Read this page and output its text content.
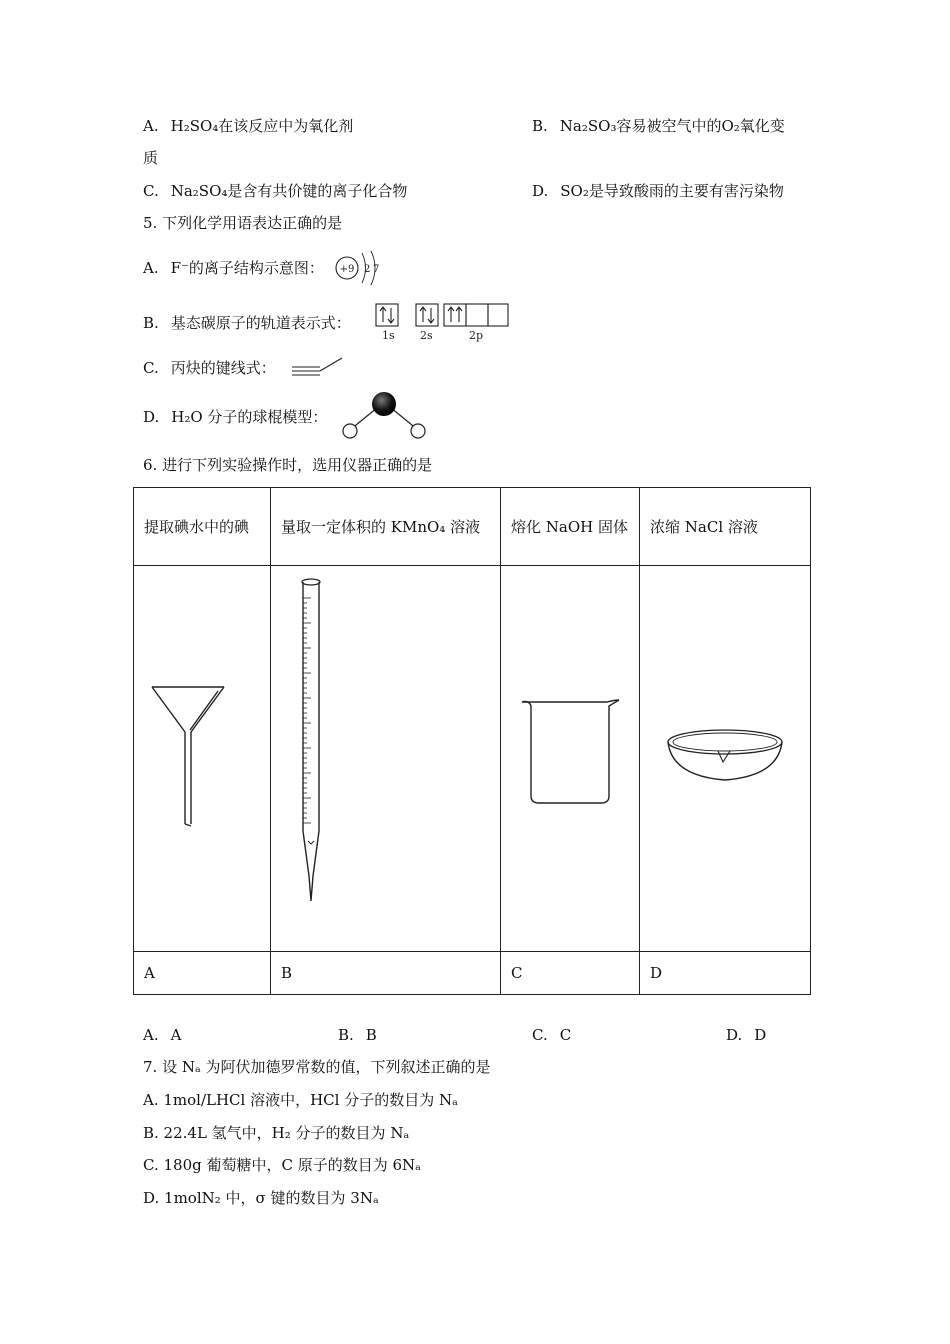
A. H₂SO₄在该反应中为氧化剂	B. Na₂SO₃容易被空气中的O₂氧化变
质
C. Na₂SO₄是含有共价键的离子化合物	D. SO₂是导致酸雨的主要有害污染物
5. 下列化学用语表达正确的是
A. F⁻的离子结构示意图： +9 2 7
B. 基态碳原子的轨道表示式：
1s 2s	2p
C. 丙炔的键线式：
D. H₂O 分子的球棍模型：
6. 进行下列实验操作时，选用仪器正确的是
提取碘水中的碘	量取一定体积的 KMnO₄ 溶液	熔化 NaOH 固体	浓缩 NaCl 溶液

A	B	C	D
A. A	B. B	C. C	D. D
7. 设 Nₐ 为阿伏加德罗常数的值，下列叙述正确的是
A. 1mol/LHCl 溶液中，HCl 分子的数目为 Nₐ
B. 22.4L 氢气中，H₂ 分子的数目为 Nₐ
C. 180g 葡萄糖中，C 原子的数目为 6Nₐ
D. 1molN₂ 中，σ 键的数目为 3Nₐ
